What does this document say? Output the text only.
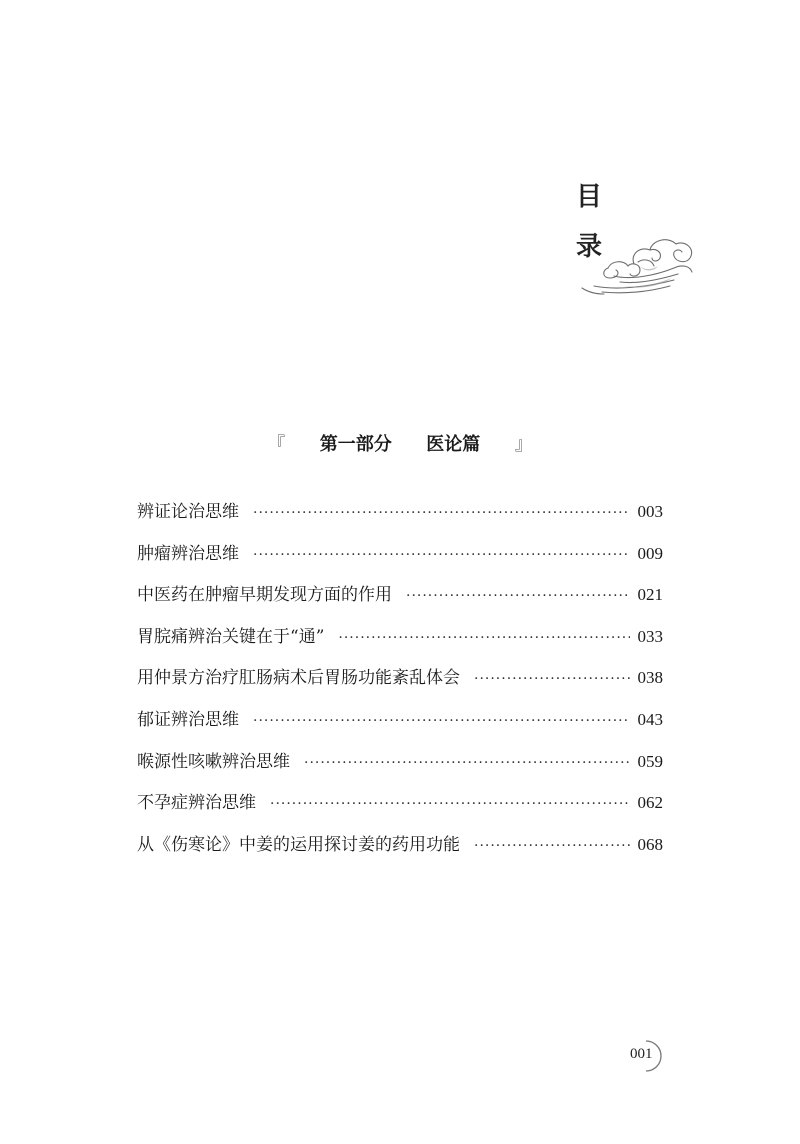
目
录
『 第一部分 医论篇 』
辨证论治思维 ·····	003
肿瘤辨治思维 ·····	009
中医药在肿瘤早期发现方面的作用 ·····	021
胃脘痛辨治关键在于“通” ·····	033
用仲景方治疗肛肠病术后胃肠功能紊乱体会 ·····	038
郁证辨治思维 ·····	043
喉源性咳嗽辨治思维 ·····	059
不孕症辨治思维 ·····	062
从《伤寒论》中姜的运用探讨姜的药用功能 ·····	068
001
